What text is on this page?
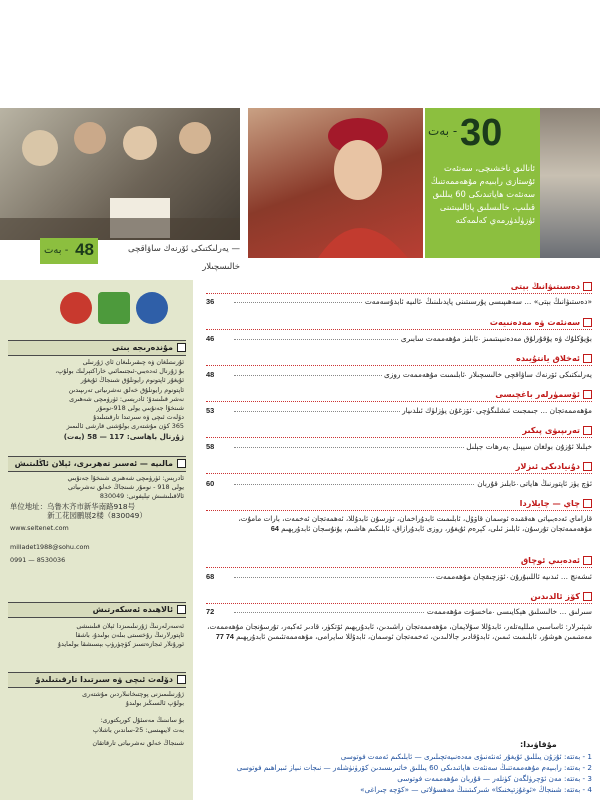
30
- بەت
ئانالىق ناخشىچى، سەنئەت
ئۇستازى رابىيەم مۇھەممەتنىڭ
سەنئەت ھاياتىدىكى 60 يىللىق
قىلىپ، خالىسلىق پائالىيىتىنى
ئۈزۈلدۈرمەي كەلمەكتە
48
- بەت	— يەرلىكتىكى ئۆرنەك ساۋاقچى خالىسچىلار
مۇندەرىجە بىتى
ئۇرنىتىلغان ۋە چىقىرىلىغان ئاي ژۇرنىلى
بۇ ژۇرنال ئەدەبىي-ئىجتىمائىي خاراكتېرلىك بولۇپ،
ئۇيغۇر ئاپتونوم رايونلۇق شىنجاڭ ئۇيغۇر
ئاپتونوم رايونلۇق خەلق نەشرىياتى تەرىپىدىن
نەشر قىلىنىدۇ؛ ئادرېسى: ئۈرۈمچى شەھىرى
شىنخۇا جەنۇبىي يولى 918-نومۇر
دۆلەت ئىچى ۋە سىرتىدا تارقىتىلىدۇ
365 كۈن مۇشتەرى بولۇشنى قارشى ئالىمىز
ژۇرنال باھاسى: 117 — 58 (بەت)
مالىيە — ئەسىر تەھرىرى، ئېلان ئاڭلىتىش
ئادرېس: ئۈرۈمچى شەھىرى شىنخۇا جەنۇبىي
يولى 918 - نومۇر شىنجاڭ خەلق نەشرىياتى
ئالاقىلىشىش تېلېفونى: 830049
单位地址：乌鲁木齐市新华南路918号
新工花园鹏展2楼（830049）
www.seltenet.com
milladet1988@sohu.com
0991 — 8530036
ئالاھىدە ئەسكەرتىش
ئەسەرلەرنىڭ ژۇرنىلىمىزدا ئېلان قىلىنىشى
ئاپتورلارنىڭ رۇخسىتى بىلەن بولىدۇ، باشقا
ئورۇنلار ئىجازەتسىز كۆچۈرۈپ بېسىشقا بولمايدۇ
دۆلەت ئىچى ۋە سىرتىدا تارقىتىلىدۇ
ژۇرنىلىمىزنى پوچتىخانىلاردىن مۇشتەرى
بولۇپ ئالسىڭىز بولىدۇ
بۇ سانىنىڭ مەسئۇل كورېكتورى:
بەت لايىھىسى: 25-ساندىن باشلاپ
شىنجاڭ خەلق نەشرىياتى تارقاتقان
دەسىتىۋانىڭ بېتى
«دەستىۋانىڭ بېتى» ... سەھىپىسى پۇرسىتىنى پايدىلىنىڭ ئالىيە ئابدۇسەمەت
36
سەنئەت ۋە مەدەنىيەت
بۇيۇكلۇك ۋە يۇقۇرلۇق مەدەنىيىتىمىز ئابلىز مۇھەممەت سابىرى
46
ئەخلاق يانتۇيىدە
يەرلىكتىكى ئۆرنەك ساۋاقچى خالىسچىلار ئابلىمىت مۇھەممەت روزى
48
ئۆسمۈرلەر باغچىسى
مۇھەممەتجان ... جىمجىت ئىشلىگۈچى ئۆزغۇن يۈزلۈك ئىلدىيار
53
تەرىپىۋى پىكىر
خېلىلا ئۇزۇن بولغان سېپىل پەرھات جېلىل
58
دۇنيادىكى ئىزلار
ئۈچ يۈز ئاپتورنىڭ ھاياتى ئابلىز قۇربان
60
چاي — چايلاردا
قاراماي ئەدەبىياتى ھەققىدە ئوسمان قاۋۇل، ئابلىمىت ئابدۇراخمان، تۈرسۇن ئابدۇللا، ئەھمەتجان ئەخمەت، بارات مامۇت، مۇھەممەتجان تۇرسۇن، ئابلىز ئىلى، كېرەم ئۇيغۇر، روزى ئابدۇرازاق، ئابلىكىم ھاشىم، يۇنۇسجان ئابدۇرېھىم 64
ئەدەبىي ئوچاق
ئىشەنچ ... ئىدىيە ئاللىبۇرۇن ئۆزچىقچان مۇھەممەت
68
كۆز ئالدىدىن
سىرلىق ... خالىسلىق ھېكايىسى ماخسۇت مۇھەممەت
72
شېئىرلار: ئاساسىي مىلليەتلەر، ئابدۇللا سۇلايمان، مۇھەممەتجان راشىدىن، ئابدۇرېھىم ئۆتكۈر، قادىر ئەكبەر، تۇرسۇنجان مۇھەممەت، مەمتىمىن ھوشۇر، ئابلىمىت ئىمىن، ئابدۇقادىر جالالىدىن، ئەخمەتجان ئوسمان، ئابدۇللا سايرامى، مۇھەممەتئىمىن ئابدۇرېھىم 74 77
مۇقاۋىدا:
1 - بەتتە: ئۇزۇن يىللىق ئۇيغۇر ئەنئەنىۋى مەدەنىيەتچىلىرى — ئابلىكىم ئەمەت فوتوسى
2 - بەتتە: رابىيەم مۇھەممەتنىڭ سەنئەت ھاياتىدىكى 60 يىللىق خاتىرىسىدىن كۆرۈنۈشلەر — نىجات نىياز ئىبراھىم فوتوسى
3 - بەتتە: مەن ئۆچرۈلگەن كۈنلەر — قۇربان مۇھەممەت فوتوسى
4 - بەتتە: شىنجاڭ «ئوغۇزتېخنىكا» شىركىتىنىڭ مەھسۇلاتى — «كۆچە چىراغى»
